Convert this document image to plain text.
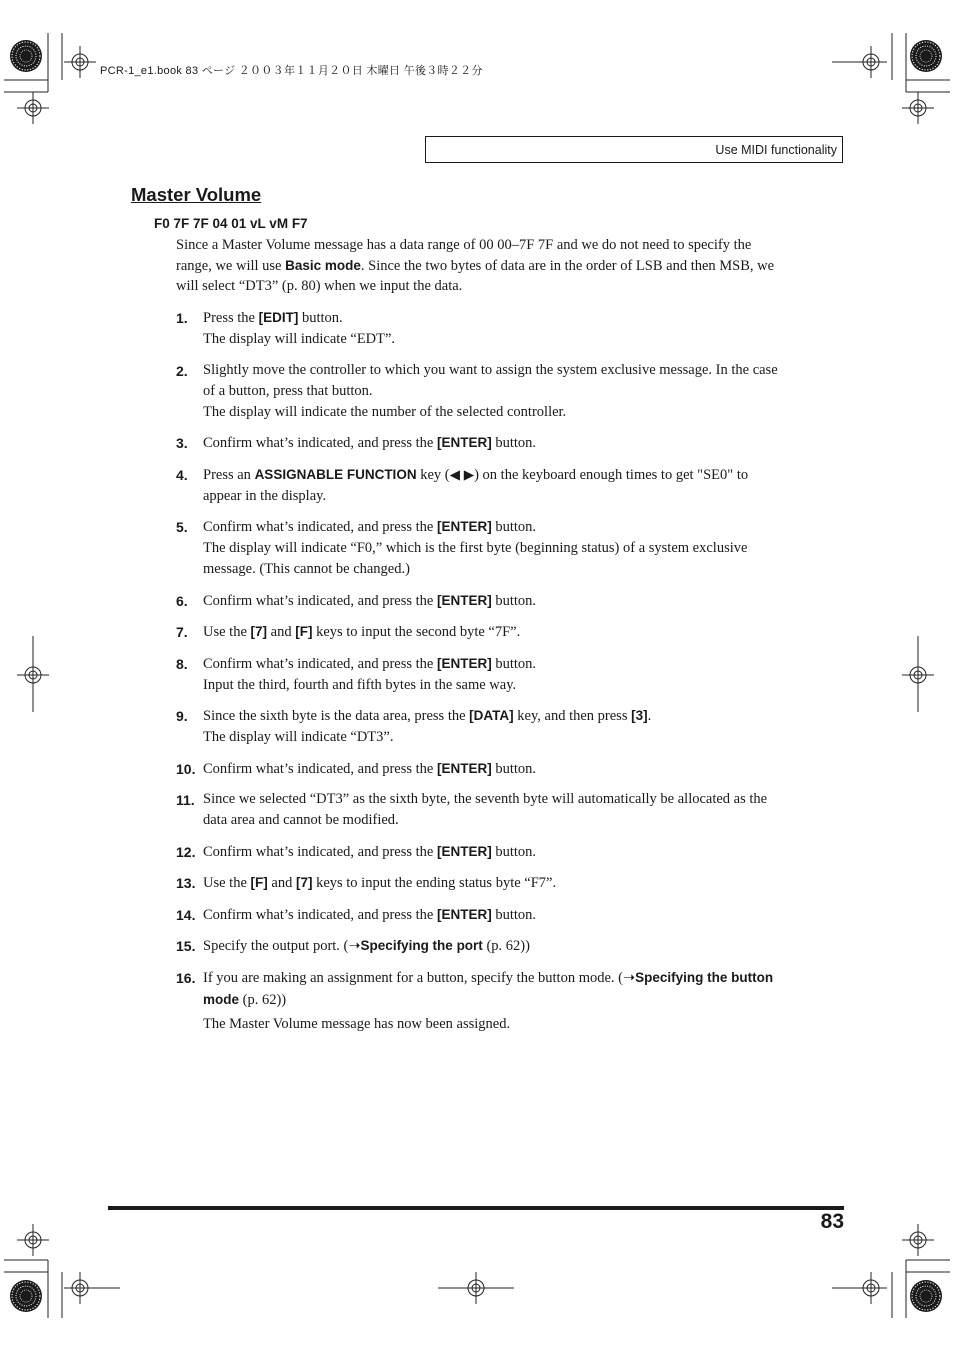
PCR-1_e1.book 83 ページ ２００３年１１月２０日 木曜日 午後３時２２分
Use MIDI functionality
Master Volume
F0 7F 7F 04 01 vL vM F7
Since a Master Volume message has a data range of 00 00–7F 7F and we do not need to specify the range, we will use Basic mode. Since the two bytes of data are in the order of LSB and then MSB, we will select “DT3” (p. 80) when we input the data.
1. Press the [EDIT] button.
The display will indicate “EDT”.
2. Slightly move the controller to which you want to assign the system exclusive message. In the case of a button, press that button.
The display will indicate the number of the selected controller.
3. Confirm what’s indicated, and press the [ENTER] button.
4. Press an ASSIGNABLE FUNCTION key (◀ ▶) on the keyboard enough times to get "SE0" to appear in the display.
5. Confirm what’s indicated, and press the [ENTER] button.
The display will indicate “F0,” which is the first byte (beginning status) of a system exclusive message. (This cannot be changed.)
6. Confirm what’s indicated, and press the [ENTER] button.
7. Use the [7] and [F] keys to input the second byte “7F”.
8. Confirm what’s indicated, and press the [ENTER] button.
Input the third, fourth and fifth bytes in the same way.
9. Since the sixth byte is the data area, press the [DATA] key, and then press [3].
The display will indicate “DT3”.
10. Confirm what’s indicated, and press the [ENTER] button.
11. Since we selected “DT3” as the sixth byte, the seventh byte will automatically be allocated as the data area and cannot be modified.
12. Confirm what’s indicated, and press the [ENTER] button.
13. Use the [F] and [7] keys to input the ending status byte “F7”.
14. Confirm what’s indicated, and press the [ENTER] button.
15. Specify the output port. (➝Specifying the port (p. 62))
16. If you are making an assignment for a button, specify the button mode. (➝Specifying the button mode (p. 62))
The Master Volume message has now been assigned.
83
